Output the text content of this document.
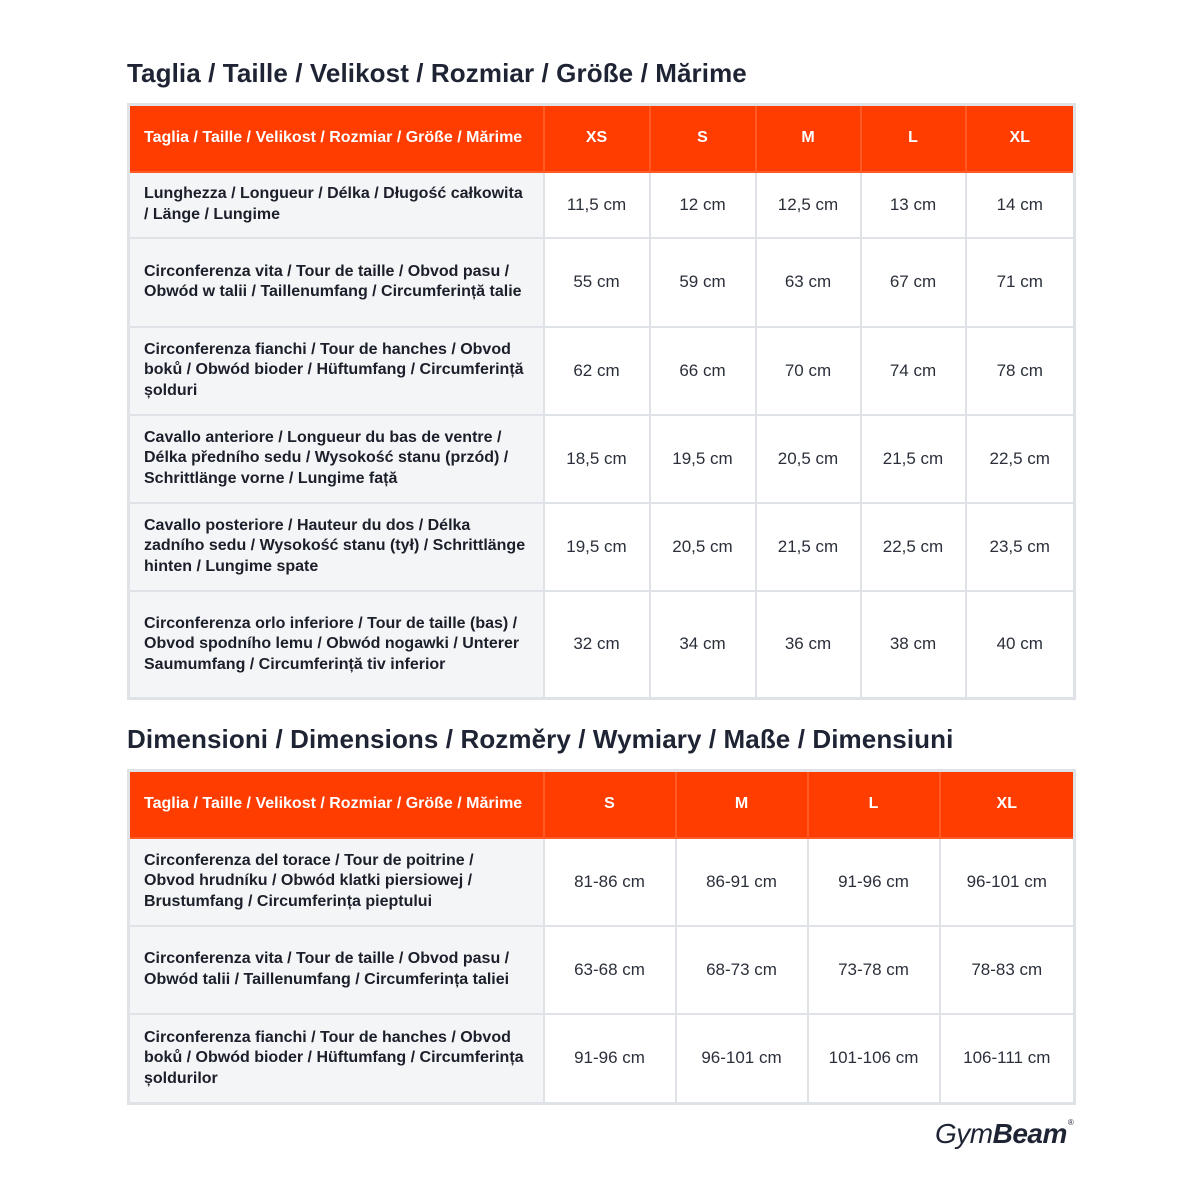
Taglia / Taille / Velikost / Rozmiar / Größe / Mărime
Taglia / Taille / Velikost / Rozmiar / Größe / Mărime	XS	S	M	L	XL
Lunghezza / Longueur / Délka / Długość całkowita / Länge / Lungime	11,5 cm	12 cm	12,5 cm	13 cm	14 cm
Circonferenza vita / Tour de taille / Obvod pasu / Obwód w talii / Taillenumfang / Circumferință talie	55 cm	59 cm	63 cm	67 cm	71 cm
Circonferenza fianchi / Tour de hanches / Obvod boků / Obwód bioder / Hüftumfang / Circumferință șolduri	62 cm	66 cm	70 cm	74 cm	78 cm
Cavallo anteriore / Longueur du bas de ventre / Délka předního sedu / Wysokość stanu (przód) / Schrittlänge vorne / Lungime față	18,5 cm	19,5 cm	20,5 cm	21,5 cm	22,5 cm
Cavallo posteriore / Hauteur du dos / Délka zadního sedu / Wysokość stanu (tył) / Schrittlänge hinten / Lungime spate	19,5 cm	20,5 cm	21,5 cm	22,5 cm	23,5 cm
Circonferenza orlo inferiore / Tour de taille (bas) / Obvod spodního lemu / Obwód nogawki / Unterer Saumumfang / Circumferință tiv inferior	32 cm	34 cm	36 cm	38 cm	40 cm
Dimensioni / Dimensions / Rozměry / Wymiary / Maße / Dimensiuni
Taglia / Taille / Velikost / Rozmiar / Größe / Mărime	S	M	L	XL
Circonferenza del torace / Tour de poitrine / Obvod hrudníku / Obwód klatki piersiowej / Brustumfang / Circumferința pieptului	81-86 cm	86-91 cm	91-96 cm	96-101 cm
Circonferenza vita / Tour de taille / Obvod pasu / Obwód talii / Taillenumfang / Circumferința taliei	63-68 cm	68-73 cm	73-78 cm	78-83 cm
Circonferenza fianchi / Tour de hanches / Obvod boků / Obwód bioder / Hüftumfang / Circumferința șoldurilor	91-96 cm	96-101 cm	101-106 cm	106-111 cm
GymBeam®
